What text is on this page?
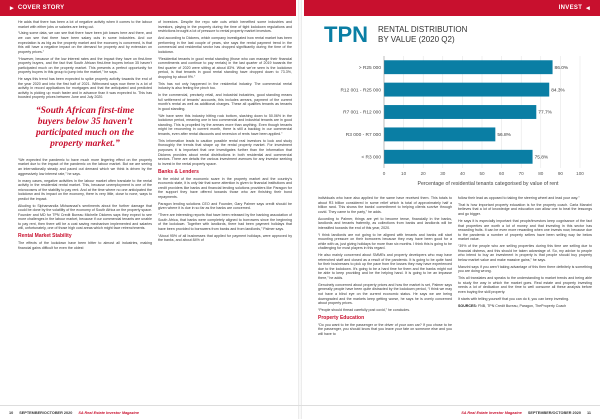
▸ COVER STORY	INVEST ◂

He adds that there has been a lot of negative activity when it comes to the labour market with either jobs or salaries are being cut.

“Using some data, we can see that there have been job losses here and there, and we can see that there have been salary cuts in some industries. And our expectation is as big as the property market and the economy is concerned, is that this will have a negative impact on the demand for property and by extension on property prices.”

“However, because of the low interest rates and the impact they have on first-time property buyers, and the fact that South African first-time buyers below 35 haven’t participated much on the property market. This presents a perfect opportunity for property buyers in this group to jump into the market,” he says.

He says this trend has been expected to spike property activity towards the end of the year 2020 and into the first half of 2021. Withrowed says now there is a lot of activity in record applications for mortgages and that the anticipated and predicted activity is picking up much faster and in advance than it was expected to. This has boosted property prices between June and July 2020.

“South African first-time buyers below 35 haven’t participated much on the property market.”

“We expected the pandemic to have much more lingering effect on the property market due to the impact of the pandemic on the labour market. But we are seeing an internationally steady and paced out demand which we think is driven by the aggressively low interest rate,” he says.

In many cases, negative activities in the labour market often translate to the rental activity in the residential rental market. This, because unemployment is one of the microcosms of the stability to pay rent. And at the time where no one anticipated the lockdown and its impact on the economy, there is very little, close to none, ways to predict the impact.

Alluding to Siphamandla Mkhwanazi’s sentiments about the further damage that could be done by the volatility of the economy of South Africa on the property space. Founder and MD for TPN Credit Bureau Michelle Dickens says they expect to see more challenges in the labour market, because if our commercial tenants are unable to pay rent, then there will be a cost saving mechanism implemented and salaries will, unfortunately, one of those high cost areas which might face retrenchments.

Rental Market Stability

The effects of the lockdown have been bitter to almost all industries, making financial gains difficult for even the oldest

of investors. Despite the repo rate cuts which benefited some industries and investors, playing in the property during the time of tight lockdown regulations and restrictions brought a lot of pressure to rental property market investors.

And according to Dickens, which company investigated how rental market has been performing in the last couple of years, she says the rental payment trend in the commercial and residential sector has dropped significantly during the time of the lockdown.

“Residential tenants in good rental standing (those who can manage their financial commitments and continue to pay rentals) in the last quarter of 2019 towards the first quarter of 2020 were sitting at about 83%. What we’ve seen is the lockdown period, is that tenants in good rental standing have dropped down to 73.3%, dropping by about 9%.”

This has not only happened in the residential industry. The commercial rental industry is also feeling the pinch too.

In the commercial, precisely retail, and industrial industries, good standing means full settlement of tenants’ accounts, this includes arrears, payment of the current month’s rental as well as additional charges. These all qualifies tenants as tenants in good standing.

“We have seen this industry hitting rock bottom, slashing down to 50.06% in the lockdown period, meaning one in two commercial and industrial tenants are in good standing. This is propelled by the arrears more than anything. Even though tenants might be recovering in current month, there is still a backlog in our commercial tenants, even after rental discounts and reversion of rents have been applied.”

This information leads to caution possible rental real investors to look and study thoroughly the trends that shape up the rental property market. For investment purposes it is important that one investigates further than the information that Dickens provides about rental distributions in both residential and commercial sectors. There are details the various investment avenues for any investor seeking to invest in the rental property space.

Banks & Lenders

In the midst of the economic scare in the property market and the country’s economic state, it is only fair that some attention is given to financial institutions and credit providers like banks and financial lending solutions providers like Paragon for the support they have offered towards those who are finishing their bond repayments.

Paragon lending solutions CEO and Founder, Gary Palmer says credit should be given where it is due in so far as the banks are concerned.

“There are interesting reports that have been released by the banking association of South Africa, that banks were completely aligned to borrowers since the beginning of the lockdown. Together with landlords, there had been payment holidays that have been provided to borrowers from banks and from landlords,” Palmer says.

“About 95% of all businesses that applied for payment holidays, were approved by the banks, and about 84% of

TPN RENTAL DISTRIBUTION
BY VALUE (2020 Q2)
0	10	20	30	40	50	60	70	80	90	100
> R25 000	86.0%
R12 001 - R25 000	84.3%
R7 001 - R12 000	77.7%
R3 000 - R7 000	56.8%
< R3 000	75.8%
Percentage of residential tenants categorised by value of rent

individuals who have also applied for the same have received them. This totals to about R3 billion considered in some relief which is total of approximately half a billion rand. This shows the banks’ commitment to helping clients survive through covid. They came to the party,” he adds.

According to Palmer, things are yet to become tense, financially in the banks, landlords and tenants fraternity, as collections from banks and landlords will be intensified towards the end of this year, 2020.

“I think landlords are not going to be aligned with tenants and banks will start mounting pressure on their borrowers because they may have been good for a while with us, just giving holidays for more than six months. I think this is going to be challenging for most players in this regard.

He also mainly concerned about SMMEs and property developers who may have retrenched staff and closed as a result of the pandemic. It is going to be quite hard for their businesses to pick up the pace from the losses they may have experienced due to the lockdown. It’s going to be a hard time for them and the banks might not be able to keep providing and be the helping hand. It is going to be an impasse there,” he adds.

Genuinely concerned about property prices and how the market is set, Palmer says generally people have been quite distracted by the lockdown period, “I think we may not have a blind eye on the current economic status. He says we are being downgraded and the markets keep getting worse, he says he is overly concerned about property prices.

“People should thread carefully post covid,” he concludes.

Property Education

“Do you want to be the passenger or the driver of your own car? If you chose to be the passenger, you should know that you leave your fate on someone else and you will have to

follow their lead as opposed to taking the steering wheel and lead your way.”

That is how important property education is for the property coach. Carla Manzini believes that a lot of knowledge and education can allow one to beat the lessongs and go bigger.

He says it is especially important that people/investors keep cognisance of the fact that properties are worth a lot of money and that investing in this sector has rewarding fruits. It can be even more rewarding when one invests now, because due to the pandemic a number of property sellers have been selling way far below market value.

“39% of the people who are selling properties during this time are selling due to financial distress, and this should be taken advantage of. So, my advice to people who intend to buy an investment in property is that people should buy property below market value and make massive gains,” he says.

Manzini says if you aren’t taking advantage of this then there definitely is something you are doing wrong.

This all translates and speaks to the understanding to market trends and being able to study the way in which the market goes. Real estate and property investing needs a lot of dedication and the time to well consume all these analysis before even buying the skill property.

It starts with telling yourself that you can do it, you can keep investing.

SOURCES: FNB, TPN Credit Bureau, Paragon, TheProperty Coach

10 SEPTEMBER/OCTOBER 2020 SA Real Estate Investor Magazine	SA Real Estate Investor Magazine SEPTEMBER/OCTOBER 2020 11
